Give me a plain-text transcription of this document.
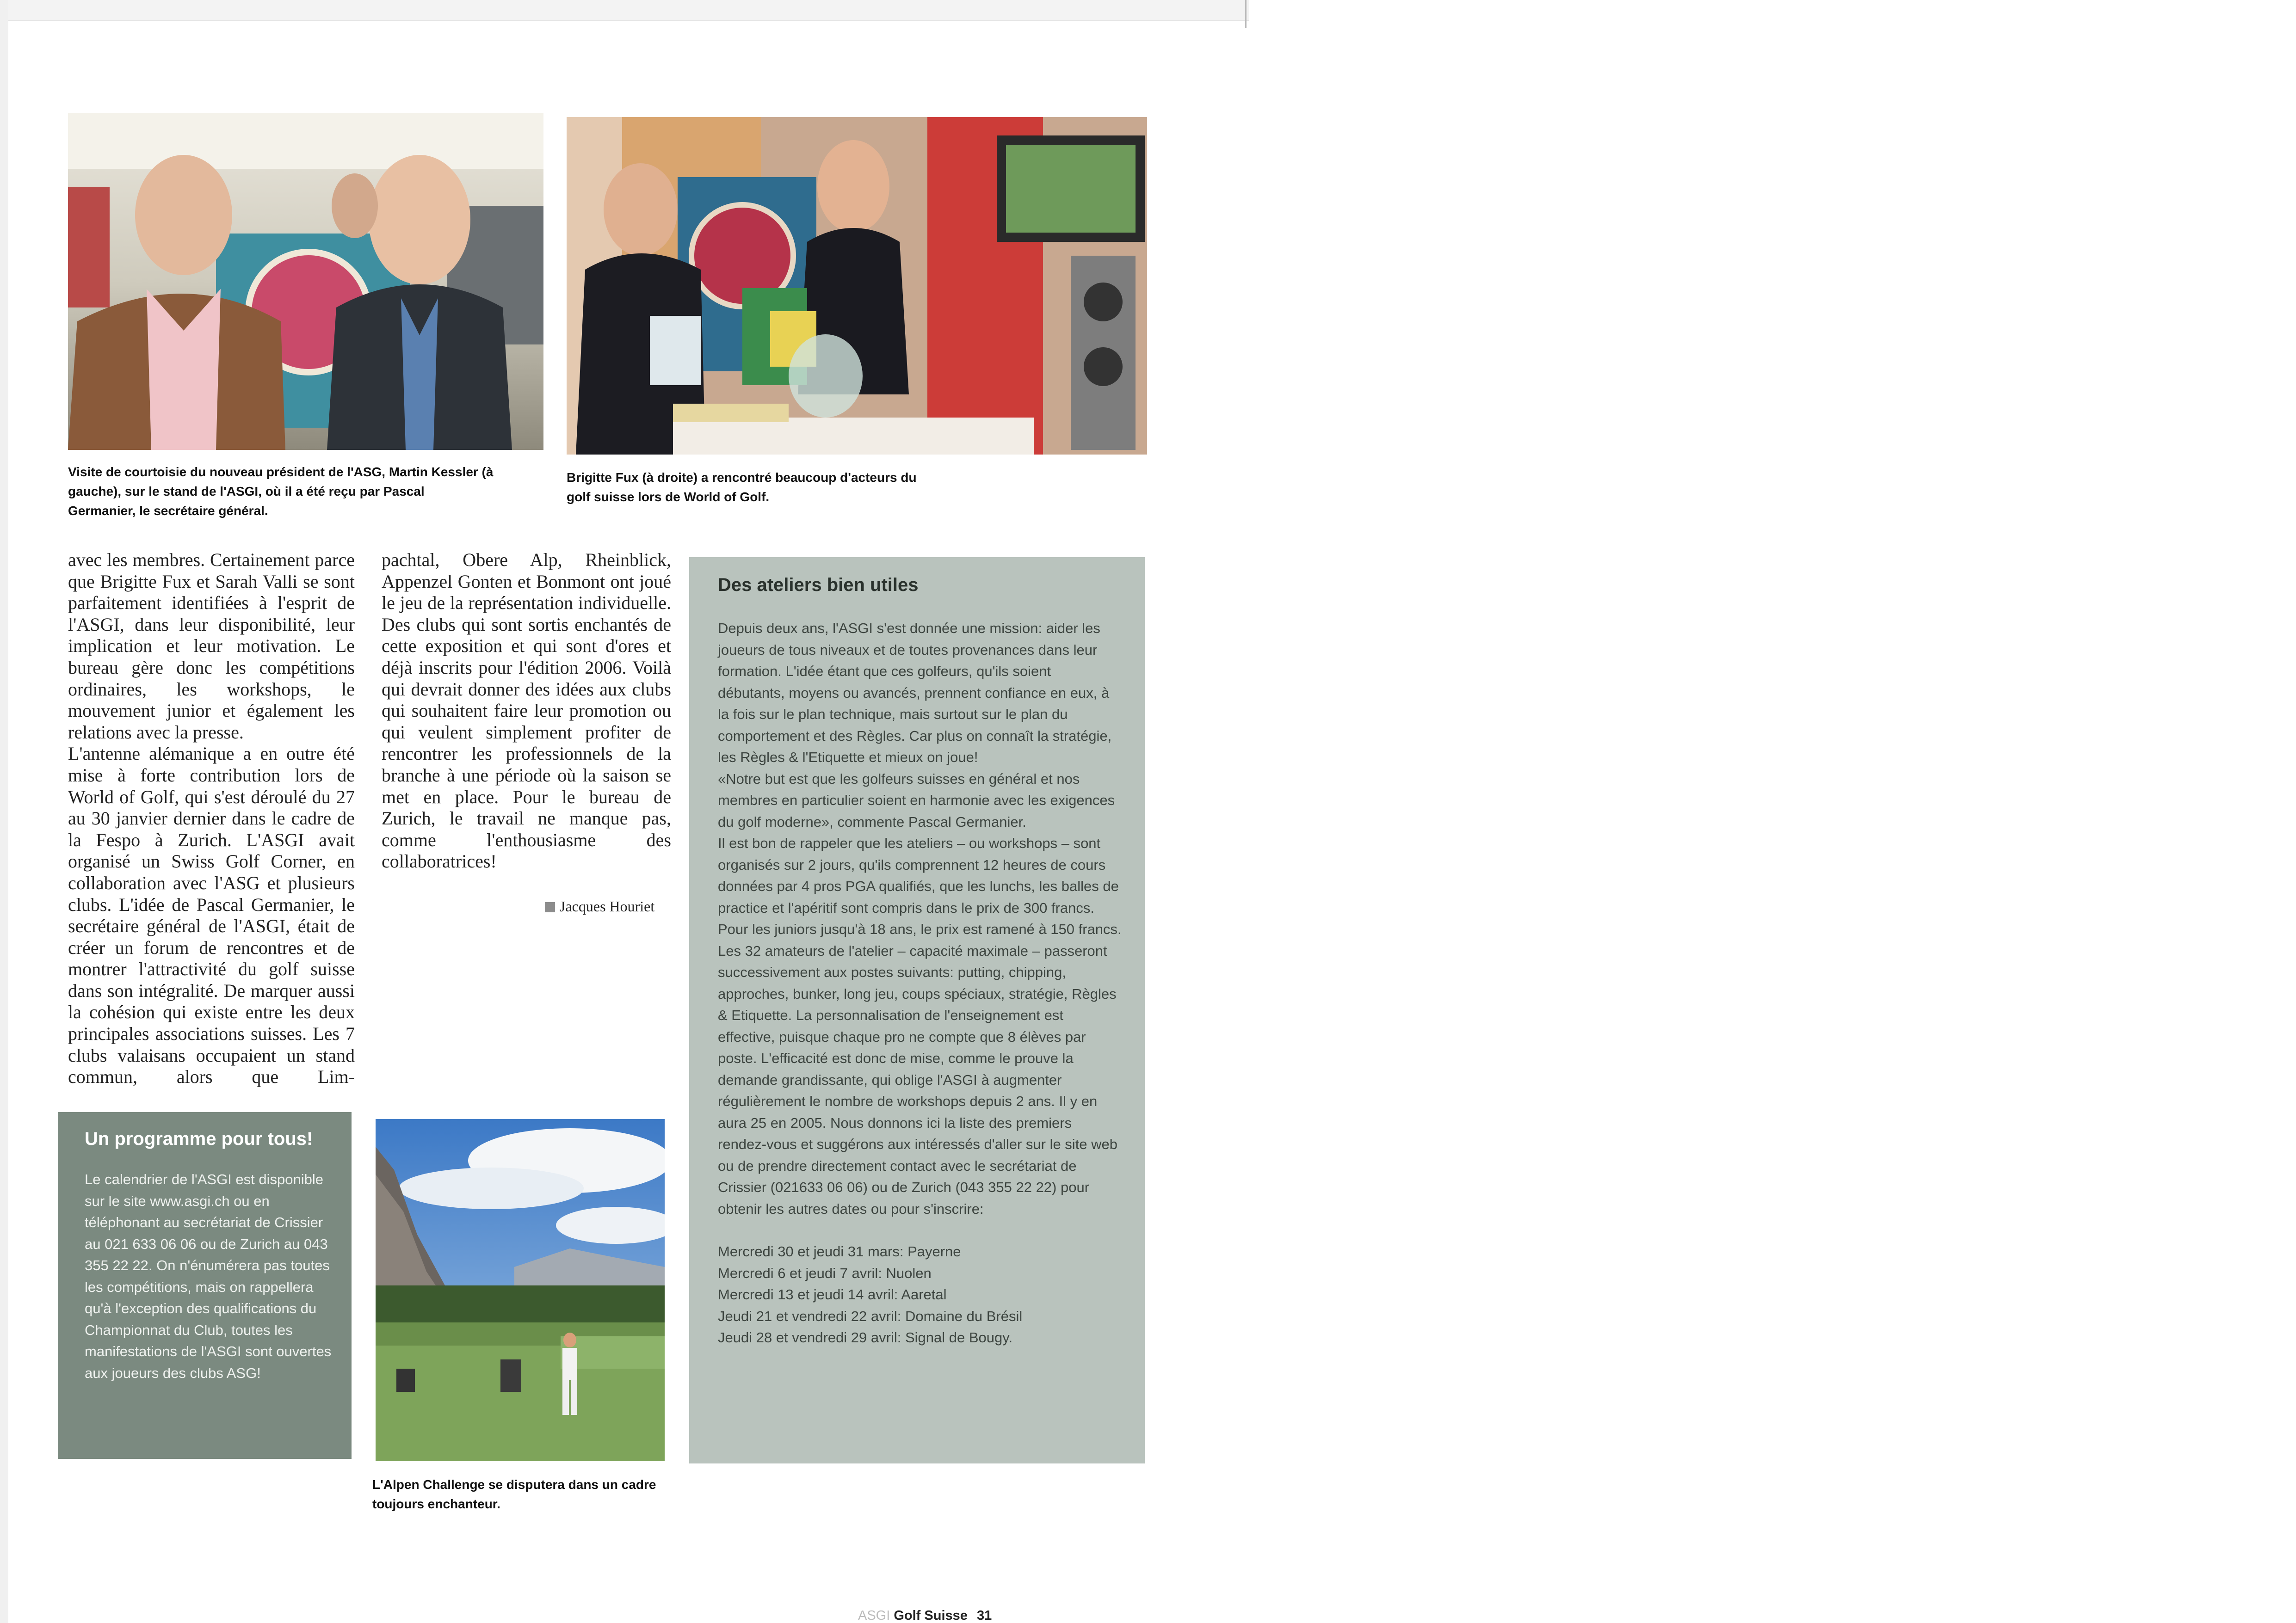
Visite de courtoisie du nouveau président de l'ASG, Martin Kessler (à gauche), sur le stand de l'ASGI, où il a été reçu par Pascal Germanier, le secrétaire général.
Brigitte Fux (à droite) a rencontré beaucoup d'acteurs du golf suisse lors de World of Golf.

avec les membres. Certainement parce que Brigitte Fux et Sarah Valli se sont parfaitement identifiées à l'esprit de l'ASGI, dans leur disponibilité, leur implication et leur motivation. Le bureau gère donc les compétitions ordinaires, les workshops, le mouvement junior et également les relations avec la presse.

L'antenne alémanique a en outre été mise à forte contribution lors de World of Golf, qui s'est déroulé du 27 au 30 janvier dernier dans le cadre de la Fespo à Zurich. L'ASGI avait organisé un Swiss Golf Corner, en collaboration avec l'ASG et plusieurs clubs. L'idée de Pascal Germanier, le secrétaire général de l'ASGI, était de créer un forum de rencontres et de montrer l'attractivité du golf suisse dans son intégralité. De marquer aussi la cohésion qui existe entre les deux principales associations suisses. Les 7 clubs valaisans occupaient un stand commun, alors que Lim-

pachtal, Obere Alp, Rheinblick, Appenzel Gonten et Bonmont ont joué le jeu de la représentation individuelle. Des clubs qui sont sortis enchantés de cette exposition et qui sont d'ores et déjà inscrits pour l'édition 2006. Voilà qui devrait donner des idées aux clubs qui souhaitent faire leur promotion ou qui veulent simplement profiter de rencontrer les professionnels de la branche à une période où la saison se met en place. Pour le bureau de Zurich, le travail ne manque pas, comme l'enthousiasme des collaboratrices!

Jacques Houriet
Des ateliers bien utiles

Depuis deux ans, l'ASGI s'est donnée une mission: aider les joueurs de tous niveaux et de toutes provenances dans leur formation. L'idée étant que ces golfeurs, qu'ils soient débutants, moyens ou avancés, prennent confiance en eux, à la fois sur le plan technique, mais surtout sur le plan du comportement et des Règles. Car plus on connaît la stratégie, les Règles & l'Etiquette et mieux on joue!

«Notre but est que les golfeurs suisses en général et nos membres en particulier soient en harmonie avec les exigences du golf moderne», commente Pascal Germanier.

Il est bon de rappeler que les ateliers – ou workshops – sont organisés sur 2 jours, qu'ils comprennent 12 heures de cours données par 4 pros PGA qualifiés, que les lunchs, les balles de practice et l'apéritif sont compris dans le prix de 300 francs. Pour les juniors jusqu'à 18 ans, le prix est ramené à 150 francs.

Les 32 amateurs de l'atelier – capacité maximale – passeront successivement aux postes suivants: putting, chipping, approches, bunker, long jeu, coups spéciaux, stratégie, Règles & Etiquette. La personnalisation de l'enseignement est effective, puisque chaque pro ne compte que 8 élèves par poste. L'efficacité est donc de mise, comme le prouve la demande grandissante, qui oblige l'ASGI à augmenter régulièrement le nombre de workshops depuis 2 ans. Il y en aura 25 en 2005. Nous donnons ici la liste des premiers rendez-vous et suggérons aux intéressés d'aller sur le site web ou de prendre directement contact avec le secrétariat de Crissier (021633 06 06) ou de Zurich (043 355 22 22) pour obtenir les autres dates ou pour s'inscrire:

Mercredi 30 et jeudi 31 mars: Payerne

Mercredi 6 et jeudi 7 avril: Nuolen

Mercredi 13 et jeudi 14 avril: Aaretal

Jeudi 21 et vendredi 22 avril: Domaine du Brésil

Jeudi 28 et vendredi 29 avril: Signal de Bougy.

Un programme pour tous!

Le calendrier de l'ASGI est disponible sur le site www.asgi.ch ou en téléphonant au secrétariat de Crissier au 021 633 06 06 ou de Zurich au 043 355 22 22. On n'énumérera pas toutes les compétitions, mais on rappellera qu'à l'exception des qualifications du Championnat du Club, toutes les manifestations de l'ASGI sont ouvertes aux joueurs des clubs ASG!

L'Alpen Challenge se disputera dans un cadre toujours enchanteur.
ASGI Golf Suisse 31
